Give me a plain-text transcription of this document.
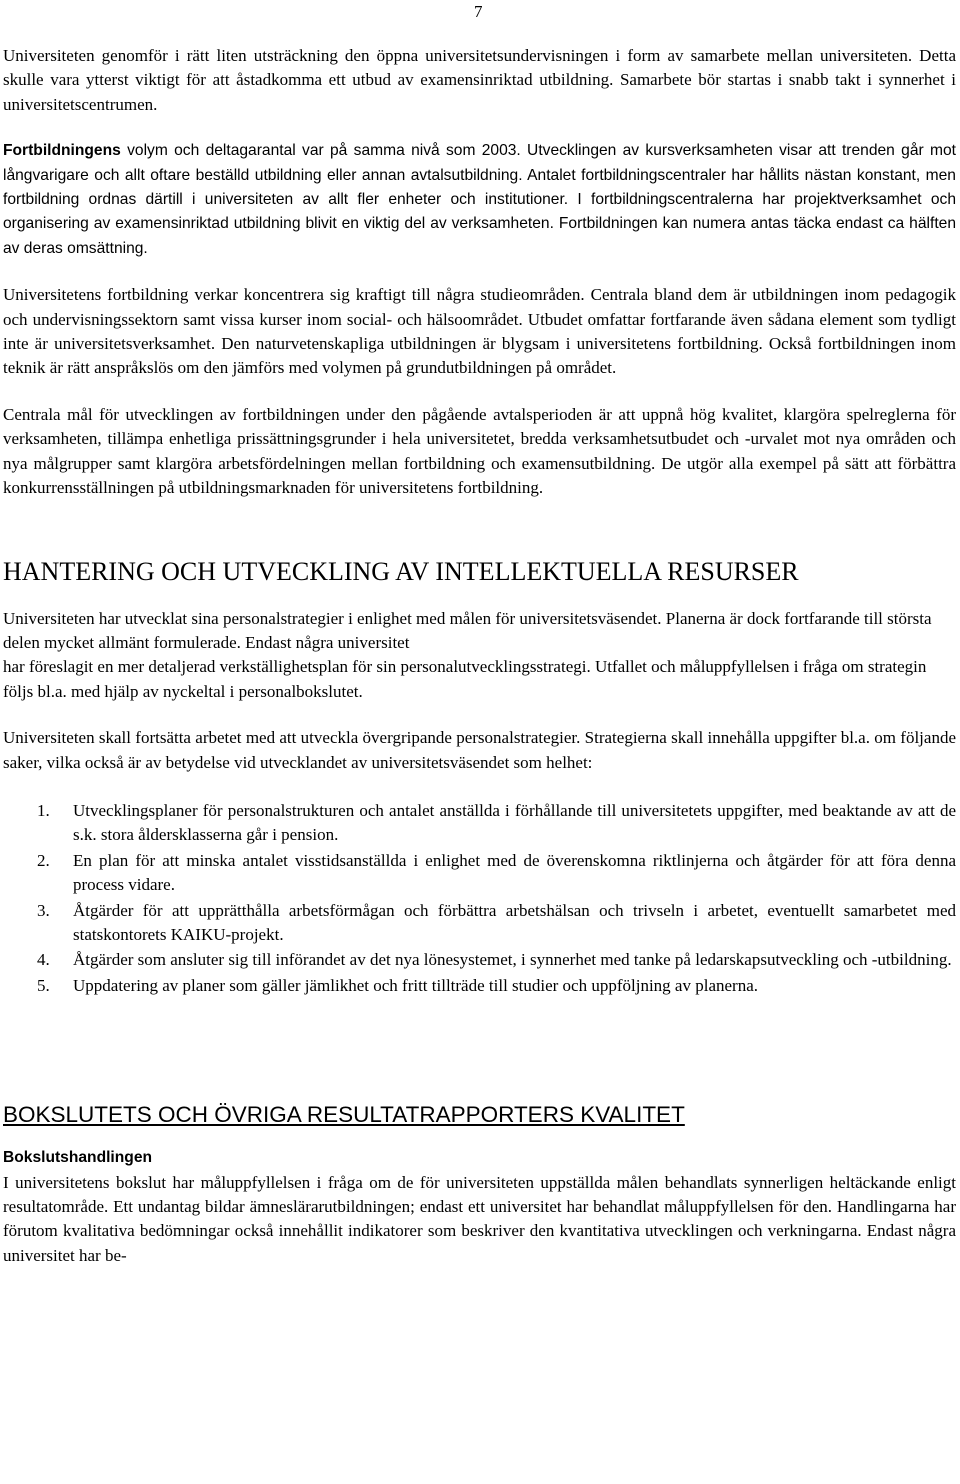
7

Universiteten genomför i rätt liten utsträckning den öppna universitetsundervisningen i form av samarbete mellan universiteten. Detta skulle vara ytterst viktigt för att åstadkomma ett utbud av examensinriktad utbildning. Samarbete bör startas i snabb takt i synnerhet i universitetscentrumen.

Fortbildningens volym och deltagarantal var på samma nivå som 2003. Utvecklingen av kursverksamheten visar att trenden går mot långvarigare och allt oftare beställd utbildning eller annan avtalsutbildning. Antalet fortbildningscentraler har hållits nästan konstant, men fortbildning ordnas därtill i universiteten av allt fler enheter och institutioner. I fortbildningscentralerna har projektverksamhet och organisering av examensinriktad utbildning blivit en viktig del av verksamheten. Fortbildningen kan numera antas täcka endast ca hälften av deras omsättning.

Universitetens fortbildning verkar koncentrera sig kraftigt till några studieområden. Centrala bland dem är utbildningen inom pedagogik och undervisningssektorn samt vissa kurser inom social- och hälsoområdet. Utbudet omfattar fortfarande även sådana element som tydligt inte är universitetsverksamhet. Den naturvetenskapliga utbildningen är blygsam i universitetens fortbildning. Också fortbildningen inom teknik är rätt anspråkslös om den jämförs med volymen på grundutbildningen på området.

Centrala mål för utvecklingen av fortbildningen under den pågående avtalsperioden är att uppnå hög kvalitet, klargöra spelreglerna för verksamheten, tillämpa enhetliga prissättningsgrunder i hela universitetet, bredda verksamhetsutbudet och -urvalet mot nya områden och nya målgrupper samt klargöra arbetsfördelningen mellan fortbildning och examensutbildning. De utgör alla exempel på sätt att förbättra konkurrensställningen på utbildningsmarknaden för universitetens fortbildning.

HANTERING OCH UTVECKLING AV INTELLEKTUELLA RESURSER

Universiteten har utvecklat sina personalstrategier i enlighet med målen för universitetsväsendet. Planerna är dock fortfarande till största delen mycket allmänt formulerade. Endast några universitet
har föreslagit en mer detaljerad verkställighetsplan för sin personalutvecklingsstrategi. Utfallet och måluppfyllelsen i fråga om strategin följs bl.a. med hjälp av nyckeltal i personalbokslutet.

Universiteten skall fortsätta arbetet med att utveckla övergripande personalstrategier. Strategierna skall innehålla uppgifter bl.a. om följande saker, vilka också är av betydelse vid utvecklandet av universitetsväsendet som helhet:

1. Utvecklingsplaner för personalstrukturen och antalet anställda i förhållande till universitetets uppgifter, med beaktande av att de s.k. stora åldersklasserna går i pension.
2. En plan för att minska antalet visstidsanställda i enlighet med de överenskomna riktlinjerna och åtgärder för att föra denna process vidare.
3. Åtgärder för att upprätthålla arbetsförmågan och förbättra arbetshälsan och trivseln i arbetet, eventuellt samarbetet med statskontorets KAIKU-projekt.
4. Åtgärder som ansluter sig till införandet av det nya lönesystemet, i synnerhet med tanke på ledarskapsutveckling och -utbildning.
5. Uppdatering av planer som gäller jämlikhet och fritt tillträde till studier och uppföljning av planerna.
BOKSLUTETS OCH ÖVRIGA RESULTATRAPPORTERS KVALITET
Bokslutshandlingen

I universitetens bokslut har måluppfyllelsen i fråga om de för universiteten uppställda målen behandlats synnerligen heltäckande enligt resultatområde. Ett undantag bildar ämneslärarutbildningen; endast ett universitet har behandlat måluppfyllelsen för den. Handlingarna har förutom kvalitativa bedömningar också innehållit indikatorer som beskriver den kvantitativa utvecklingen och verkningarna. Endast några universitet har be-
